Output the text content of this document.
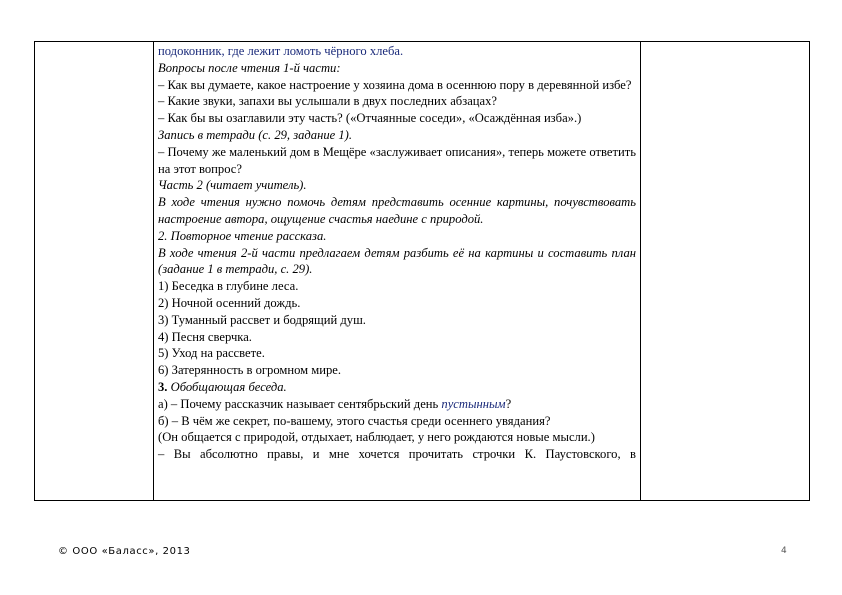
подоконник, где лежит ломоть чёрного хлеба.

Вопросы после чтения 1-й части:

– Как вы думаете, какое настроение у хозяина дома в осеннюю пору в деревянной избе?

– Какие звуки, запахи вы услышали в двух последних абзацах?

– Как бы вы озаглавили эту часть? («Отчаянные соседи», «Осаждённая изба».)

Запись в тетради (с. 29, задание 1).

– Почему же маленький дом в Мещёре «заслуживает описания», теперь можете ответить на этот вопрос?

Часть 2 (читает учитель).

В ходе чтения нужно помочь детям представить осенние картины, почувствовать настроение автора, ощущение счастья наедине с природой.

2. Повторное чтение рассказа.

В ходе чтения 2-й части предлагаем детям разбить её на картины и составить план (задание 1 в тетради, с. 29).

1) Беседка в глубине леса.

2) Ночной осенний дождь.

3) Туманный рассвет и бодрящий душ.

4) Песня сверчка.

5) Уход на рассвете.

6) Затерянность в огромном мире.

3. Обобщающая беседа.

а) – Почему рассказчик называет сентябрьский день пустынным?

б) – В чём же секрет, по-вашему, этого счастья среди осеннего увядания?

(Он общается с природой, отдыхает, наблюдает, у него рождаются новые мысли.)

– Вы абсолютно правы, и мне хочется прочитать строчки К. Паустовского, в

© ООО «Баласс», 2013	4
